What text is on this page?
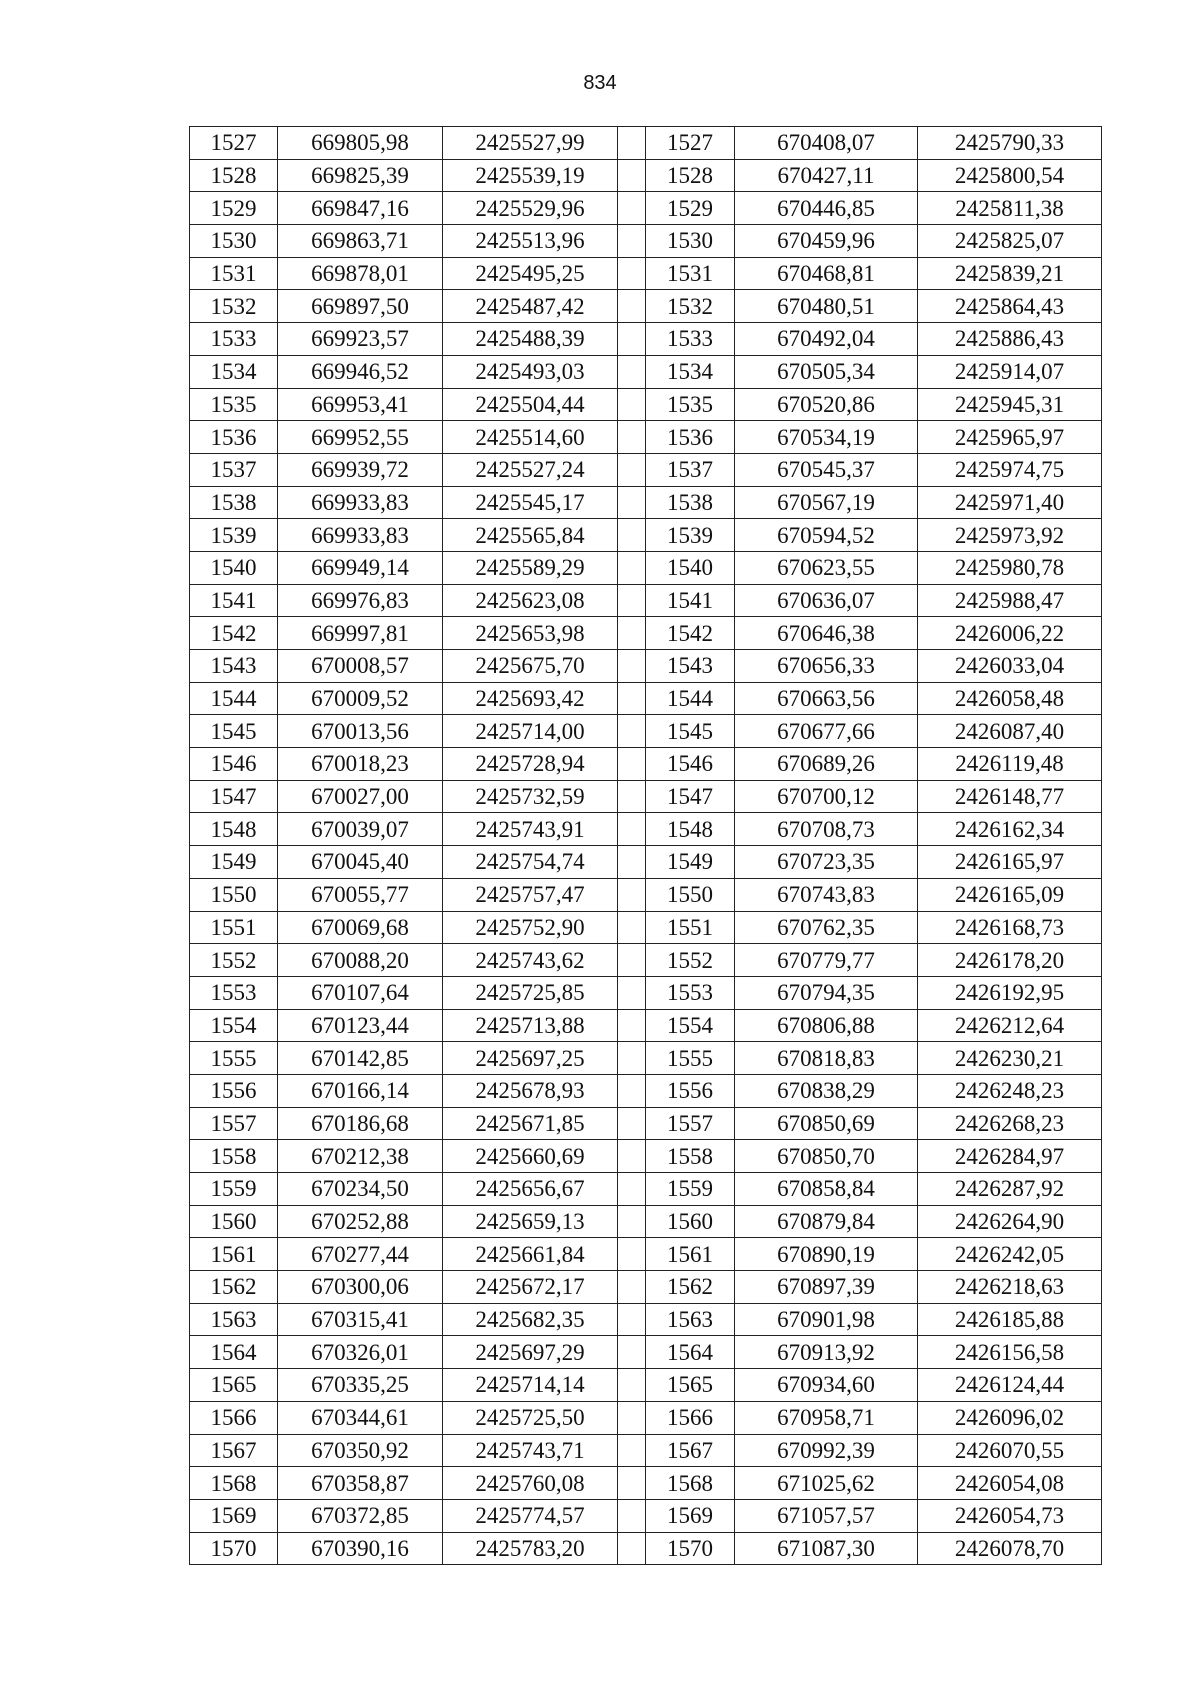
834
1527	669805,98	2425527,99		1527	670408,07	2425790,33
1528	669825,39	2425539,19		1528	670427,11	2425800,54
1529	669847,16	2425529,96		1529	670446,85	2425811,38
1530	669863,71	2425513,96		1530	670459,96	2425825,07
1531	669878,01	2425495,25		1531	670468,81	2425839,21
1532	669897,50	2425487,42		1532	670480,51	2425864,43
1533	669923,57	2425488,39		1533	670492,04	2425886,43
1534	669946,52	2425493,03		1534	670505,34	2425914,07
1535	669953,41	2425504,44		1535	670520,86	2425945,31
1536	669952,55	2425514,60		1536	670534,19	2425965,97
1537	669939,72	2425527,24		1537	670545,37	2425974,75
1538	669933,83	2425545,17		1538	670567,19	2425971,40
1539	669933,83	2425565,84		1539	670594,52	2425973,92
1540	669949,14	2425589,29		1540	670623,55	2425980,78
1541	669976,83	2425623,08		1541	670636,07	2425988,47
1542	669997,81	2425653,98		1542	670646,38	2426006,22
1543	670008,57	2425675,70		1543	670656,33	2426033,04
1544	670009,52	2425693,42		1544	670663,56	2426058,48
1545	670013,56	2425714,00		1545	670677,66	2426087,40
1546	670018,23	2425728,94		1546	670689,26	2426119,48
1547	670027,00	2425732,59		1547	670700,12	2426148,77
1548	670039,07	2425743,91		1548	670708,73	2426162,34
1549	670045,40	2425754,74		1549	670723,35	2426165,97
1550	670055,77	2425757,47		1550	670743,83	2426165,09
1551	670069,68	2425752,90		1551	670762,35	2426168,73
1552	670088,20	2425743,62		1552	670779,77	2426178,20
1553	670107,64	2425725,85		1553	670794,35	2426192,95
1554	670123,44	2425713,88		1554	670806,88	2426212,64
1555	670142,85	2425697,25		1555	670818,83	2426230,21
1556	670166,14	2425678,93		1556	670838,29	2426248,23
1557	670186,68	2425671,85		1557	670850,69	2426268,23
1558	670212,38	2425660,69		1558	670850,70	2426284,97
1559	670234,50	2425656,67		1559	670858,84	2426287,92
1560	670252,88	2425659,13		1560	670879,84	2426264,90
1561	670277,44	2425661,84		1561	670890,19	2426242,05
1562	670300,06	2425672,17		1562	670897,39	2426218,63
1563	670315,41	2425682,35		1563	670901,98	2426185,88
1564	670326,01	2425697,29		1564	670913,92	2426156,58
1565	670335,25	2425714,14		1565	670934,60	2426124,44
1566	670344,61	2425725,50		1566	670958,71	2426096,02
1567	670350,92	2425743,71		1567	670992,39	2426070,55
1568	670358,87	2425760,08		1568	671025,62	2426054,08
1569	670372,85	2425774,57		1569	671057,57	2426054,73
1570	670390,16	2425783,20		1570	671087,30	2426078,70
